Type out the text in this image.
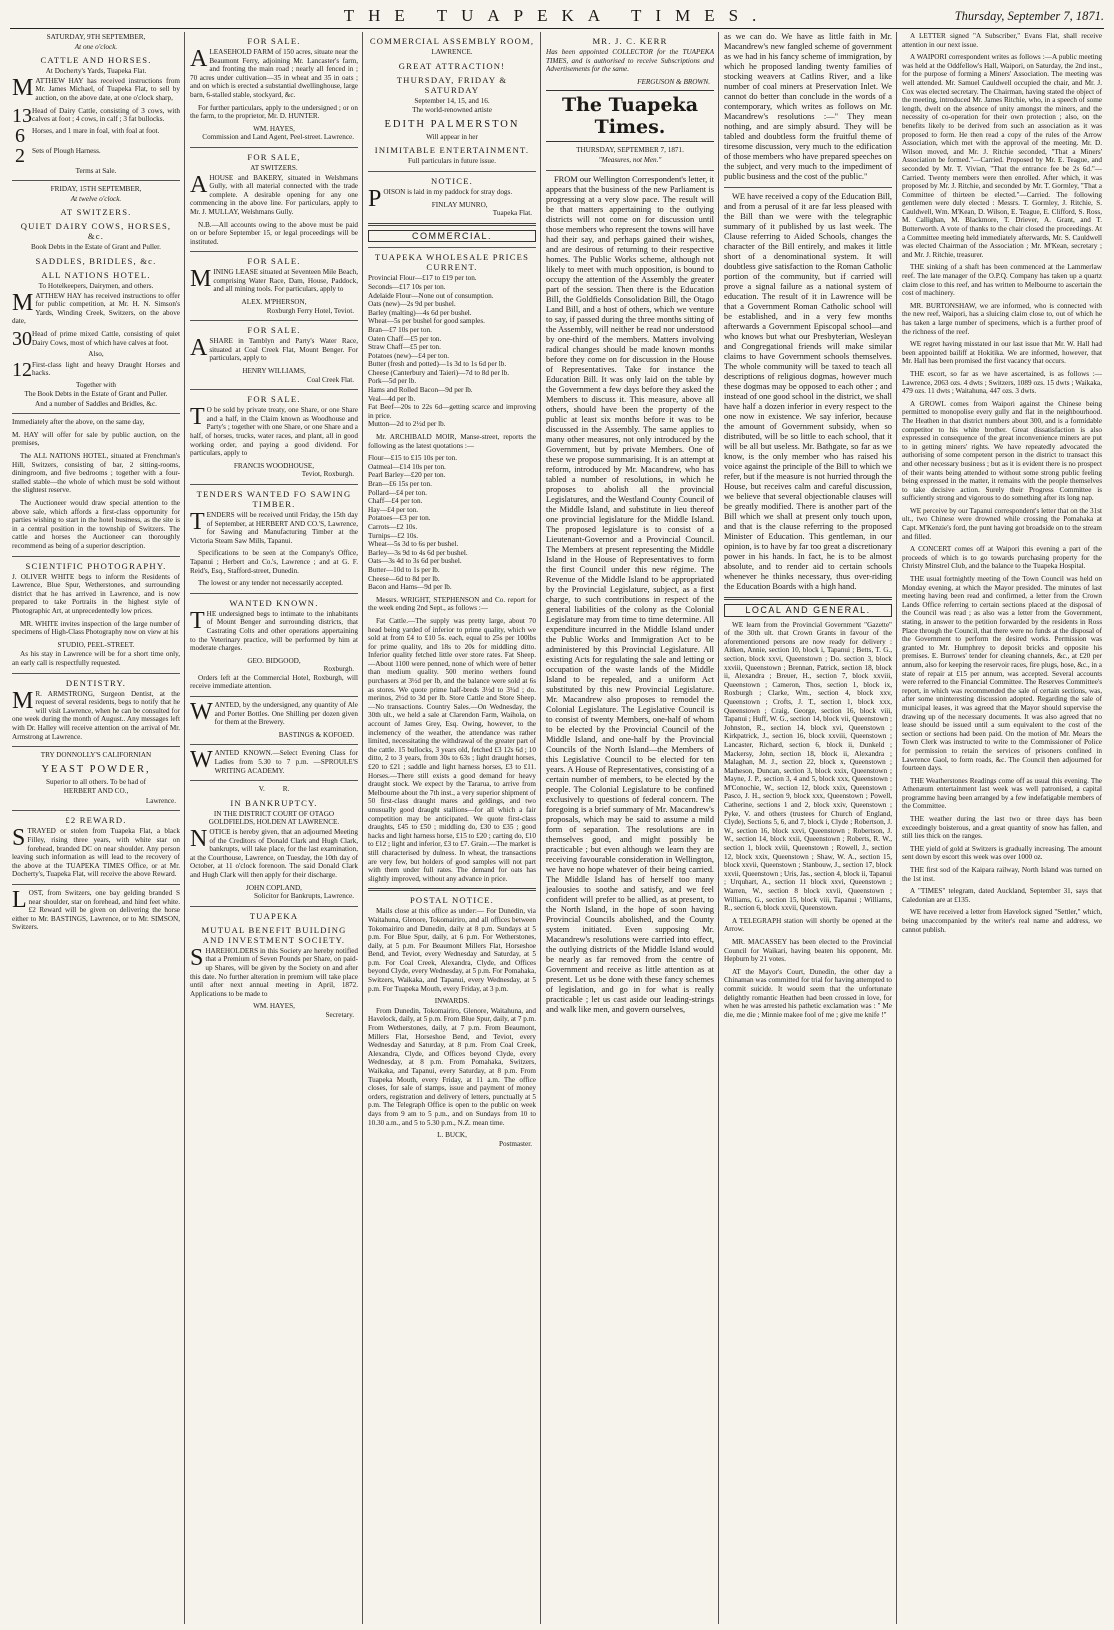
THE TUAPEKA TIMES.	Thursday, September 7, 1871.
SATURDAY, 9TH SEPTEMBER,
At one o'clock.
CATTLE AND HORSES.
At Docherty's Yards, Tuapeka Flat.

MATTHEW HAY has received instructions from Mr. James Michael, of Tuapeka Flat, to sell by auction, on the above date, at one o'clock sharp,

13 Head of Dairy Cattle, consisting of 3 cows, with calves at foot ; 4 cows, in calf ; 3 fat bullocks.
6 Horses, and 1 mare in foal, with foal at foot.
2 Sets of Plough Harness.
Terms at Sale.
FRIDAY, 15TH SEPTEMBER,
At twelve o'clock.
AT SWITZERS.
QUIET DAIRY COWS, HORSES, &c.
Book Debts in the Estate of Grant and Puller.
SADDLES, BRIDLES, &c.
ALL NATIONS HOTEL.
To Hotelkeepers, Dairymen, and others.

MATTHEW HAY has received instructions to offer for public competition, at Mr. H. N. Simson's Yards, Winding Creek, Switzers, on the above date,

30 Head of prime mixed Cattle, consisting of quiet Dairy Cows, most of which have calves at foot.
Also,
12 First-class light and heavy Draught Horses and hacks.
Together with
The Book Debts in the Estate of Grant and Puller.
And a number of Saddles and Bridles, &c.

Immediately after the above, on the same day,

M. HAY will offer for sale by public auction, on the premises,

The ALL NATIONS HOTEL, situated at Frenchman's Hill, Switzers, consisting of bar, 2 sitting-rooms, diningroom, and five bedrooms ; together with a four-stalled stable—the whole of which must be sold without the slightest reserve.

The Auctioneer would draw special attention to the above sale, which affords a first-class opportunity for parties wishing to start in the hotel business, as the site is in a central position in the township of Switzers. The cattle and horses the Auctioneer can thoroughly recommend as being of a superior description.

SCIENTIFIC PHOTOGRAPHY.

J. OLIVER WHITE begs to inform the Residents of Lawrence, Blue Spur, Wetherstones, and surrounding district that he has arrived in Lawrence, and is now prepared to take Portraits in the highest style of Photographic Art, at unprecedentedly low prices.

MR. WHITE invites inspection of the large number of specimens of High-Class Photography now on view at his

STUDIO, PEEL-STREET.

As his stay in Lawrence will be for a short time only, an early call is respectfully requested.

DENTISTRY.

MR. ARMSTRONG, Surgeon Dentist, at the request of several residents, begs to notify that he will visit Lawrence, when he can be consulted for one week during the month of August.. Any messages left with Dr. Halley will receive attention on the arrival of Mr. Armstrong at Lawrence.

TRY DONNOLLY'S CALIFORNIAN
YEAST POWDER,
Superior to all others. To be had of
HERBERT AND CO.,
Lawrence.
£2 REWARD.

STRAYED or stolen from Tuapeka Flat, a black Filley, rising three years, with white star on forehead, branded DC on near shoulder. Any person leaving such information as will lead to the recovery of the above at the TUAPEKA TIMES Office, or at Mr. Docherty's, Tuapeka Flat, will receive the above Reward.

LOST, from Switzers, one bay gelding branded S near shoulder, star on forehead, and hind feet white. £2 Reward will be given on delivering the horse either to Mr. BASTINGS, Lawrence, or to Mr. SIMSON, Switzers.

FOR SALE.

ALEASEHOLD FARM of 150 acres, situate near the Beaumont Ferry, adjoining Mr. Lancaster's farm, and fronting the main road ; nearly all fenced in ; 70 acres under cultivation—35 in wheat and 35 in oats ; and on which is erected a substantial dwellinghouse, large barn, 6-stalled stable, stockyard, &c.

For further particulars, apply to the undersigned ; or on the farm, to the proprietor, Mr. D. HUNTER.

WM. HAYES,
Commission and Land Agent, Peel-street. Lawrence.
FOR SALE,
AT SWITZERS.

AHOUSE and BAKERY, situated in Welshmans Gully, with all material connected with the trade complete. A desirable opening for any one commencing in the above line. For particulars, apply to Mr. J. MULLAY, Welshmans Gully.

N.B.—All accounts owing to the above must be paid on or before September 15, or legal proceedings will be instituted.

FOR SALE.

MINING LEASE situated at Seventeen Mile Beach, comprising Water Race, Dam, House, Paddock, and all mining tools. For particulars, apply to

ALEX. M'PHERSON,
Roxburgh Ferry Hotel, Teviot.
FOR SALE.

ASHARE in Tamblyn and Party's Water Race, situated at Coal Creek Flat, Mount Benger. For particulars, apply to

HENRY WILLIAMS,
Coal Creek Flat.
FOR SALE.

TO be sold by private treaty, one Share, or one Share and a half, in the Claim known as Woodhouse and Party's ; together with one Share, or one Share and a half, of horses, trucks, water races, and plant, all in good working order, and paying a good dividend. For particulars, apply to

FRANCIS WOODHOUSE,
Teviot, Roxburgh.
TENDERS WANTED FO SAWING TIMBER.

TENDERS will be received until Friday, the 15th day of September, at HERBERT AND CO.'S, Lawrence, for Sawing and Manufacturing Timber at the Victoria Steam Saw Mills, Tapanui.

Specifications to be seen at the Company's Office, Tapanui ; Herbert and Co.'s, Lawrence ; and at G. F. Reid's, Esq., Stafford-street, Dunedin.

The lowest or any tender not necessarily accepted.

WANTED KNOWN.

THE undersigned begs to intimate to the inhabitants of Mount Benger and surrounding districts, that Castrating Colts and other operations appertaining to the Veterinary practice, will be performed by him at moderate charges.

GEO. BIDGOOD,
Roxburgh.

Orders left at the Commercial Hotel, Roxburgh, will receive immediate attention.

WANTED, by the undersigned, any quantity of Ale and Porter Bottles. One Shilling per dozen given for them at the Brewery.

BASTINGS & KOFOED.

WANTED KNOWN.—Select Evening Class for Ladies from 5.30 to 7 p.m. —SPROULE'S WRITING ACADEMY.

V.          R.
IN BANKRUPTCY.
IN THE DISTRICT COURT OF OTAGO GOLDFIELDS, HOLDEN AT LAWRENCE.

NOTICE is hereby given, that an adjourned Meeting of the Creditors of Donald Clark and Hugh Clark, bankrupts, will take place, for the last examination, at the Courthouse, Lawrence, on Tuesday, the 10th day of October, at 11 o'clock forenoon. The said Donald Clark and Hugh Clark will then apply for their discharge.

JOHN COPLAND,
Solicitor for Bankrupts, Lawrence.
TUAPEKA
MUTUAL BENEFIT BUILDING AND INVESTMENT SOCIETY.

SHAREHOLDERS in this Society are hereby notified that a Premium of Seven Pounds per Share, on paid-up Shares, will be given by the Society on and after this date. No further alteration in premium will take place until after next annual meeting in April, 1872. Applications to be made to

WM. HAYES,
Secretary.
COMMERCIAL ASSEMBLY ROOM,
LAWRENCE.
GREAT ATTRACTION!
THURSDAY, FRIDAY & SATURDAY
September 14, 15, and 16.
The world-renowned artiste
EDITH PALMERSTON
Will appear in her
INIMITABLE ENTERTAINMENT.
Full particulars in future issue.
NOTICE.

POISON is laid in my paddock for stray dogs.

FINLAY MUNRO,
Tuapeka Flat.
COMMERCIAL.
TUAPEKA WHOLESALE PRICES CURRENT.
Provincial Flour—£17 to £19 per ton.
Seconds—£17 10s per ton.
Adelaide Flour—None out of consumption.
Oats (new)—2s 9d per bushel.
Barley (malting)—4s 6d per bushel.
Wheat—5s per bushel for good samples.
Bran—£7 10s per ton.
Oaten Chaff—£5 per ton.
Straw Chaff—£5 per ton.
Potatoes (new)—£4 per ton.
Butter (fresh and potted)—1s 3d to 1s 6d per lb.
Cheese (Canterbury and Taieri)—7d to 8d per lb.
Pork—5d per lb.
Hams and Rolled Bacon—9d per lb.
Veal—4d per lb.
Fat Beef—20s to 22s 6d—getting scarce and improving in price.
Mutton—2d to 2½d per lb.

Mr. ARCHIBALD MOIR, Manse-street, reports the following as the latest quotations :—

Flour—£15 to £15 10s per ton.
Oatmeal—£14 10s per ton.
Pearl Barley—£20 per ton.
Bran—£6 15s per ton.
Pollard—£4 per ton.
Chaff—£4 per ton.
Hay—£4 per ton.
Potatoes—£3 per ton.
Carrots—£2 10s.
Turnips—£2 10s.
Wheat—5s 3d to 6s per bushel.
Barley—3s 9d to 4s 6d per bushel.
Oats—3s 4d to 3s 6d per bushel.
Butter—10d to 1s per lb.
Cheese—6d to 8d per lb.
Bacon and Hams—9d per lb.

Messrs. WRIGHT, STEPHENSON and Co. report for the week ending 2nd Sept., as follows :—

Fat Cattle.—The supply was pretty large, about 70 head being yarded of inferior to prime quality, which we sold at from £4 to £10 5s. each, equal to 25s per 100lbs for prime quality, and 18s to 20s for middling ditto. Inferior quality fetched little over store rates. Fat Sheep.—About 1100 were penned, none of which were of better than medium quality. 500 merino wethers found purchasers at 3½d per lb, and the balance were sold at 6s as stores. We quote prime half-breds 3½d to 3¾d ; do. merinos, 2½d to 3d per lb. Store Cattle and Store Sheep.—No transactions. Country Sales.—On Wednesday, the 30th ult., we held a sale at Clarendon Farm, Waihola, on account of James Grey, Esq. Owing, however, to the inclemency of the weather, the attendance was rather limited, necessitating the withdrawal of the greater part of the cattle. 15 bullocks, 3 years old, fetched £3 12s 6d ; 10 ditto, 2 to 3 years, from 30s to 63s ; light draught horses, £20 to £21 ; saddle and light harness horses, £3 to £11. Horses.—There still exists a good demand for heavy draught stock. We expect by the Tararua, to arrive from Melbourne about the 7th inst., a very superior shipment of 50 first-class draught mares and geldings, and two unusually good draught stallions—for all which a fair competition may be anticipated. We quote first-class draughts, £45 to £50 ; middling do, £30 to £35 ; good hacks and light harness horse, £15 to £20 ; carting do, £10 to £12 ; light and inferior, £3 to £7. Grain.—The market is still characterised by dulness. In wheat, the transactions are very few, but holders of good samples will not part with them under full rates. The demand for oats has slightly improved, without any advance in price.

POSTAL NOTICE.

Mails close at this office as under:— For Dunedin, via Waitahuna, Glenore, Tokomairiro, and all offices between Tokomairiro and Dunedin, daily at 8 p.m. Sundays at 5 p.m. For Blue Spur, daily, at 6 p.m. For Wetherstones, daily, at 5 p.m. For Beaumont Millers Flat, Horseshoe Bend, and Teviot, every Wednesday and Saturday, at 5 p.m. For Coal Creek, Alexandra, Clyde, and Offices beyond Clyde, every Wednesday, at 5 p.m. For Pomahaka, Switzers, Waikaka, and Tapanui, every Wednesday, at 5 p.m. For Tuapeka Mouth, every Friday, at 3 p.m.

INWARDS.

From Dunedin, Tokomairiro, Glenore, Waitahuna, and Havelock, daily, at 5 p.m. From Blue Spur, daily, at 7 p.m. From Wetherstones, daily, at 7 p.m. From Beaumont, Millers Flat, Horseshoe Bend, and Teviot, every Wednesday and Saturday, at 8 p.m. From Coal Creek, Alexandra, Clyde, and Offices beyond Clyde, every Wednesday, at 8 p.m. From Pomahaka, Switzers, Waikaka, and Tapanui, every Saturday, at 8 p.m. From Tuapeka Mouth, every Friday, at 11 a.m. The office closes, for sale of stamps, issue and payment of money orders, registration and delivery of letters, punctually at 5 p.m. The Telegraph Office is open to the public on week days from 9 am to 5 p.m., and on Sundays from 10 to 10.30 a.m., and 5 to 5.30 p.m., N.Z. mean time.

L. BUCK,
Postmaster.
MR. J. C. KERR

Has been appointed COLLECTOR for the TUAPEKA TIMES, and is authorised to receive Subscriptions and Advertisements for the same.

FERGUSON & BROWN.
The Tuapeka Times.
THURSDAY, SEPTEMBER 7, 1871.
"Measures, not Men."

FROM our Wellington Correspondent's letter, it appears that the business of the new Parliament is progressing at a very slow pace. The result will be that matters appertaining to the outlying districts will not come on for discussion until those members who represent the towns will have had their say, and perhaps gained their wishes, and are desirous of returning to their respective homes. The Public Works scheme, although not likely to meet with much opposition, is bound to occupy the attention of the Assembly the greater part of the session. Then there is the Education Bill, the Goldfields Consolidation Bill, the Otago Land Bill, and a host of others, which we venture to say, if passed during the three months sitting of the Assembly, will neither be read nor understood by one-third of the members. Matters involving radical changes should be made known months before they come on for discussion in the House of Representatives. Take for instance the Education Bill. It was only laid on the table by the Government a few days before they asked the Members to discuss it. This measure, above all others, should have been the property of the public at least six months before it was to be discussed in the Assembly. The same applies to many other measures, not only introduced by the Government, but by private Members. One of these we propose summarising. It is an attempt at reform, introduced by Mr. Macandrew, who has tabled a number of resolutions, in which he proposes to abolish all the provincial Legislatures, and the Westland County Council of the Middle Island, and substitute in lieu thereof one provincial legislature for the Middle Island. The proposed legislature is to consist of a Lieutenant-Governor and a Provincial Council. The Members at present representing the Middle Island in the House of Representatives to form the first Council under this new régime. The Revenue of the Middle Island to be appropriated by the Provincial Legislature, subject, as a first charge, to such contributions in respect of the general liabilities of the colony as the Colonial Legislature may from time to time determine. All expenditure incurred in the Middle Island under the Public Works and Immigration Act to be administered by this Provincial Legislature. All existing Acts for regulating the sale and letting or occupation of the waste lands of the Middle Island to be repealed, and a uniform Act substituted by this new Provincial Legislature. Mr. Macandrew also proposes to remodel the Colonial Legislature. The Legislative Council is to consist of twenty Members, one-half of whom to be elected by the Provincial Council of the Middle Island, and one-half by the Provincial Councils of the North Island—the Members of this Legislative Council to be elected for ten years. A House of Representatives, consisting of a certain number of members, to be elected by the people. The Colonial Legislature to be confined exclusively to questions of federal concern. The foregoing is a brief summary of Mr. Macandrew's proposals, which may be said to assume a mild form of separation. The resolutions are in themselves good, and might possibly be practicable ; but even although we learn they are receiving favourable consideration in Wellington, we have no hope whatever of their being carried. The Middle Island has of herself too many jealousies to soothe and satisfy, and we feel confident will prefer to be allied, as at present, to the North Island, in the hope of soon having Provincial Councils abolished, and the County system initiated. Even supposing Mr. Macandrew's resolutions were carried into effect, the outlying districts of the Middle Island would be nearly as far removed from the centre of Government and receive as little attention as at present. Let us be done with these fancy schemes of legislation, and go in for what is really practicable ; let us cast aside our leading-strings and walk like men, and govern ourselves,

as we can do. We have as little faith in Mr. Macandrew's new fangled scheme of government as we had in his fancy scheme of immigration, by which he proposed landing twenty families of stocking weavers at Catlins River, and a like number of coal miners at Preservation Inlet. We cannot do better than conclude in the words of a contemporary, which writes as follows on Mr. Macandrew's resolutions :—" They mean nothing, and are simply absurd. They will be tabled and doubtless form the fruitful theme of tiresome discussion, very much to the edification of those members who have prepared speeches on the subject, and very much to the impediment of public business and the cost of the public."

WE have received a copy of the Education Bill, and from a perusal of it are far less pleased with the Bill than we were with the telegraphic summary of it published by us last week. The Clause referring to Aided Schools, changes the character of the Bill entirely, and makes it little short of a denominational system. It will doubtless give satisfaction to the Roman Catholic portion of the community, but if carried will prove a signal failure as a national system of education. The result of it in Lawrence will be that a Government Roman Catholic school will be established, and in a very few months afterwards a Government Episcopal school—and who knows but what our Presbyterian, Wesleyan and Congregational friends will make similar claims to have Government schools themselves. The whole community will be taxed to teach all descriptions of religious dogmas, however much these dogmas may be opposed to each other ; and instead of one good school in the district, we shall have half a dozen inferior in every respect to the one now in existence. We say inferior, because the amount of Government subsidy, when so distributed, will be so little to each school, that it will be all but useless. Mr. Bathgate, so far as we know, is the only member who has raised his voice against the principle of the Bill to which we refer, but if the measure is not hurried through the House, but receives calm and careful discussion, we believe that several objectionable clauses will be greatly modified. There is another part of the Bill which we shall at present only touch upon, and that is the clause referring to the proposed Minister of Education. This gentleman, in our opinion, is to have by far too great a discretionary power in his hands. In fact, he is to be almost absolute, and to render aid to certain schools whenever he thinks necessary, thus over-riding the Education Boards with a high hand.

LOCAL AND GENERAL.

WE learn from the Provincial Government "Gazette" of the 30th ult. that Crown Grants in favour of the aforementioned persons are now ready for delivery : Aitken, Annie, section 10, block i, Tapanui ; Betts, T. G., section, block xxvi, Queenstown ; Do. section 3, block xxviii, Queenstown ; Brennan, Patrick, section 18, block ii, Alexandra ; Breuer, H., section 7, block xxviii, Queenstown ; Cameron, Thos, section 1, block ix, Roxburgh ; Clarke, Wm., section 4, block xxv, Queenstown ; Crofts, J. T., section 1, block xxx, Queenstown ; Craig, George, section 16, block viii, Tapanui ; Huff, W. G., section 14, block vii, Queenstown ; Johnston, R., section 14, block xvi, Queenstown ; Kirkpatrick, J., section 16, block xxviii, Queenstown ; Lancaster, Richard, section 6, block ii, Dunkeld ; Mackersy, John, section 18, block ii, Alexandra ; Malaghan, M. J., section 22, block x, Queenstown ; Matheson, Duncan, section 3, block xxix, Queenstown ; Mayne, J. P., section 3, 4 and 5, block xxx, Queenstown ; M'Conochie, W., section 12, block xxix, Queenstown ; Pasco, J. H., section 9, block xxx, Queenstown ; Powell, Catherine, sections 1 and 2, block xxiv, Queenstown ; Pyke, V. and others (trustees for Church of England, Clyde), Sections 5, 6, and 7, block i, Clyde ; Robertson, J. W., section 16, block xxvi, Queenstown ; Robertson, J. W., section 14, block xxii, Queenstown ; Roberts, R. W., section 1, block xviii, Queenstown ; Rowell, J., section 12, block xxix, Queenstown ; Shaw, W. A., section 15, block xxvii, Queenstown ; Stanbouw, J., section 17, block xxvii, Queenstown ; Uris, Jas., section 4, block ii, Tapanui ; Urquhart, A., section 11 block xxvi, Queenstown ; Warren, W., section 8 block xxvii, Queenstown ; Williams, G., section 15, block viii, Tapanui ; Williams, R., section 6, block xxvii, Queenstown.

A TELEGRAPH station will shortly be opened at the Arrow.

MR. MACASSEY has been elected to the Provincial Council for Waikari, having beaten his opponent, Mr. Hepburn by 21 votes.

AT the Mayor's Court, Dunedin, the other day a Chinaman was committed for trial for having attempted to commit suicide. It would seem that the unfortunate delightly romantic Heathen had been crossed in love, for when he was arrested his pathetic exclamation was : " Me die, me die ; Minnie makee fool of me ; give me knife !"

A LETTER signed "A Subscriber," Evans Flat, shall receive attention in our next issue.

A WAIPORI correspondent writes as follows :—A public meeting was held at the Oddfellow's Hall, Waipori, on Saturday, the 2nd inst., for the purpose of forming a Miners' Association. The meeting was well attended. Mr. Samuel Cauldwell occupied the chair, and Mr. J. Cox was elected secretary. The Chairman, having stated the object of the meeting, introduced Mr. James Ritchie, who, in a speech of some length, dwelt on the absence of unity amongst the miners, and the necessity of co-operation for their own protection ; also, on the benefits likely to be derived from such an association as it was proposed to form. He then read a copy of the rules of the Arrow Association, which met with the approval of the meeting. Mr. D. Wilson moved, and Mr. J. Ritchie seconded, "That a Miners' Association be formed."—Carried. Proposed by Mr. E. Teague, and seconded by Mr. T. Vivian, "That the entrance fee be 2s 6d."—Carried. Twenty members were then enrolled. After which, it was proposed by Mr. J. Ritchie, and seconded by Mr. T. Gormley, "That a Committee of thirteen be elected."—Carried. The following gentlemen were duly elected : Messrs. T. Gormley, J. Ritchie, S. Cauldwell, Wm. M'Kean, D. Wilson, E. Teague, E. Clifford, S. Ross, M. Callighan, M. Blackmore, T. Driever, A. Grant, and T. Butterworth. A vote of thanks to the chair closed the proceedings. At a Committee meeting held immediately afterwards, Mr. S. Cauldwell was elected Chairman of the Association ; Mr. M'Kean, secretary ; and Mr. J. Ritchie, treasurer.

THE sinking of a shaft has been commenced at the Lammerlaw reef. The late manager of the O.P.Q. Company has taken up a quartz claim close to this reef, and has written to Melbourne to ascertain the cost of machinery.

MR. BURTONSHAW, we are informed, who is connected with the new reef, Waipori, has a sluicing claim close to, out of which he has taken a large number of specimens, which is a further proof of the richness of the reef.

WE regret having misstated in our last issue that Mr. W. Hall had been appointed bailiff at Hokitika. We are informed, however, that Mr. Hall has been promised the first vacancy that occurs.

THE escort, so far as we have ascertained, is as follows :—Lawrence, 2063 ozs. 4 dwts ; Switzers, 1089 ozs. 15 dwts ; Waikaka, 479 ozs. 11 dwts ; Waitahuna, 447 ozs. 3 dwts.

A GROWL comes from Waipori against the Chinese being permitted to monopolise every gully and flat in the neighbourhood. The Heathen in that district numbers about 300, and is a formidable competitor to his white brother. Great dissatisfaction is also expressed in consequence of the great inconvenience miners are put to in getting miners' rights. We have repeatedly advocated the authorising of some competent person in the district to transact this and other necessary business ; but as it is evident there is no prospect of their wants being attended to without some strong public feeling being expressed in the matter, it remains with the people themselves to take decisive action. Surely their Progress Committee is sufficiently strong and vigorous to do something after its long nap.

WE perceive by our Tapanui correspondent's letter that on the 31st ult., two Chinese were drowned while crossing the Pomahaka at Capt. M'Kenzie's ford, the punt having got broadside on to the stream and filled.

A CONCERT comes off at Waipori this evening a part of the proceeds of which is to go towards purchasing property for the Christy Minstrel Club, and the balance to the Tuapeka Hospital.

THE usual fortnightly meeting of the Town Council was held on Monday evening, at which the Mayor presided. The minutes of last meeting having been read and confirmed, a letter from the Crown Lands Office referring to certain sections placed at the disposal of the Council was read ; as also was a letter from the Government, stating, in answer to the petition forwarded by the residents in Ross Place through the Council, that there were no funds at the disposal of the Government to perform the desired works. Permission was granted to Mr. Humphrey to deposit bricks and opposite his premises. E. Burrows' tender for cleaning channels, &c., at £20 per annum, also for keeping the reservoir races, fire plugs, hose, &c., in a state of repair at £15 per annum, was accepted. Several accounts were referred to the Financial Committee. The Reserves Committee's report, in which was recommended the sale of certain sections, was, after some uninteresting discussion adopted. Regarding the sale of municipal leases, it was agreed that the Mayor should supervise the drawing up of the necessary documents. It was also agreed that no lease should be issued until a sum equivalent to the cost of the section or sections had been paid. On the motion of Mr. Mears the Town Clerk was instructed to write to the Commissioner of Police for permission to retain the services of prisoners confined in Lawrence Gaol, to form roads, &c. The Council then adjourned for fourteen days.

THE Weatherstones Readings come off as usual this evening. The Athenæum entertainment last week was well patronised, a capital programme having been arranged by a few indefatigable members of the Committee.

THE weather during the last two or three days has been exceedingly boisterous, and a great quantity of snow has fallen, and still lies thick on the ranges.

THE yield of gold at Switzers is gradually increasing. The amount sent down by escort this week was over 1000 oz.

THE first sod of the Kaipara railway, North Island was turned on the 1st inst.

A "TIMES" telegram, dated Auckland, September 31, says that Caledonian are at £135.

WE have received a letter from Havelock signed "Settler," which, being unaccompanied by the writer's real name and address, we cannot publish.
